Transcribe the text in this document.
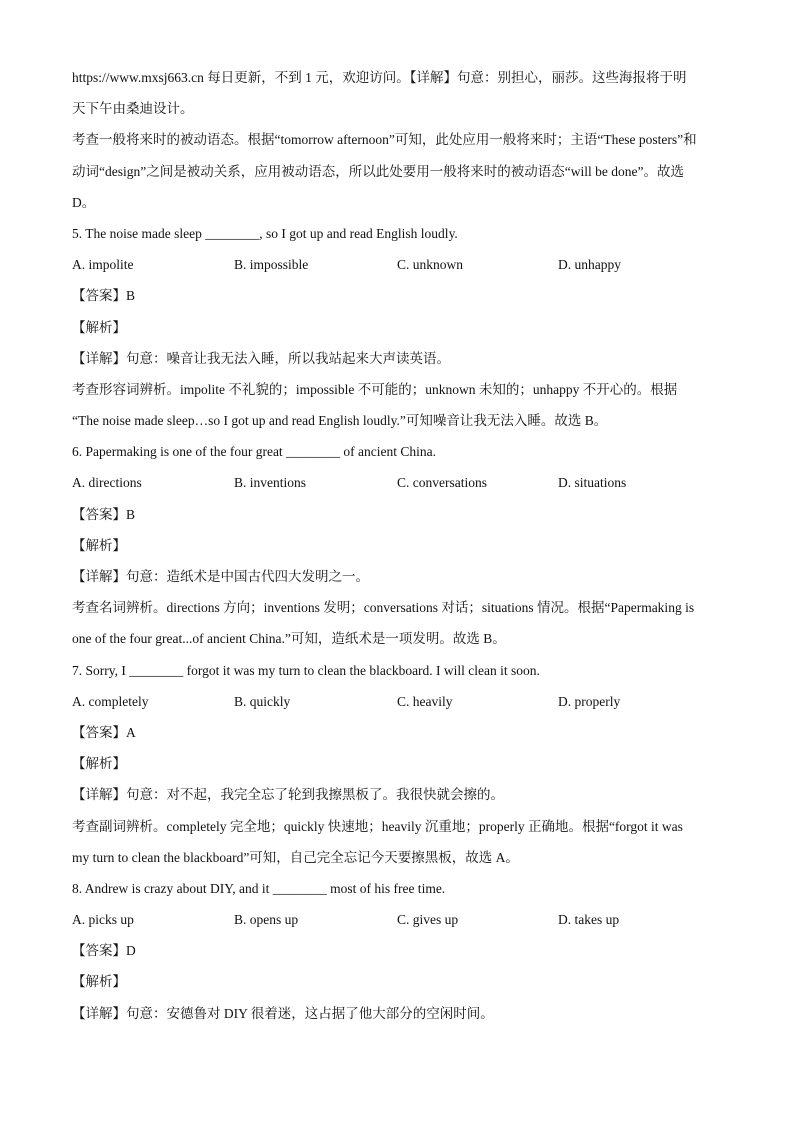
https://www.mxsj663.cn 每日更新，不到 1 元，欢迎访问。【详解】句意：别担心，丽莎。这些海报将于明
天下午由桑迪设计。
考查一般将来时的被动语态。根据“tomorrow afternoon”可知，此处应用一般将来时；主语“These posters”和
动词“design”之间是被动关系，应用被动语态，所以此处要用一般将来时的被动语态“will be done”。故选
D。
5. The noise made sleep ________, so I got up and read English loudly.
A. impolite	B. impossible	C. unknown	D. unhappy
【答案】B
【解析】
【详解】句意：噪音让我无法入睡，所以我站起来大声读英语。
考查形容词辨析。impolite 不礼貌的；impossible 不可能的；unknown 未知的；unhappy 不开心的。根据
“The noise made sleep…so I got up and read English loudly.”可知噪音让我无法入睡。故选 B。
6. Papermaking is one of the four great ________ of ancient China.
A. directions	B. inventions	C. conversations	D. situations
【答案】B
【解析】
【详解】句意：造纸术是中国古代四大发明之一。
考查名词辨析。directions 方向；inventions 发明；conversations 对话；situations 情况。根据“Papermaking is
one of the four great...of ancient China.”可知，造纸术是一项发明。故选 B。
7. Sorry, I ________ forgot it was my turn to clean the blackboard. I will clean it soon.
A. completely	B. quickly	C. heavily	D. properly
【答案】A
【解析】
【详解】句意：对不起，我完全忘了轮到我擦黑板了。我很快就会擦的。
考查副词辨析。completely 完全地；quickly 快速地；heavily 沉重地；properly 正确地。根据“forgot it was
my turn to clean the blackboard”可知，自己完全忘记今天要擦黑板，故选 A。
8. Andrew is crazy about DIY, and it ________ most of his free time.
A. picks up	B. opens up	C. gives up	D. takes up
【答案】D
【解析】
【详解】句意：安德鲁对 DIY 很着迷，这占据了他大部分的空闲时间。
